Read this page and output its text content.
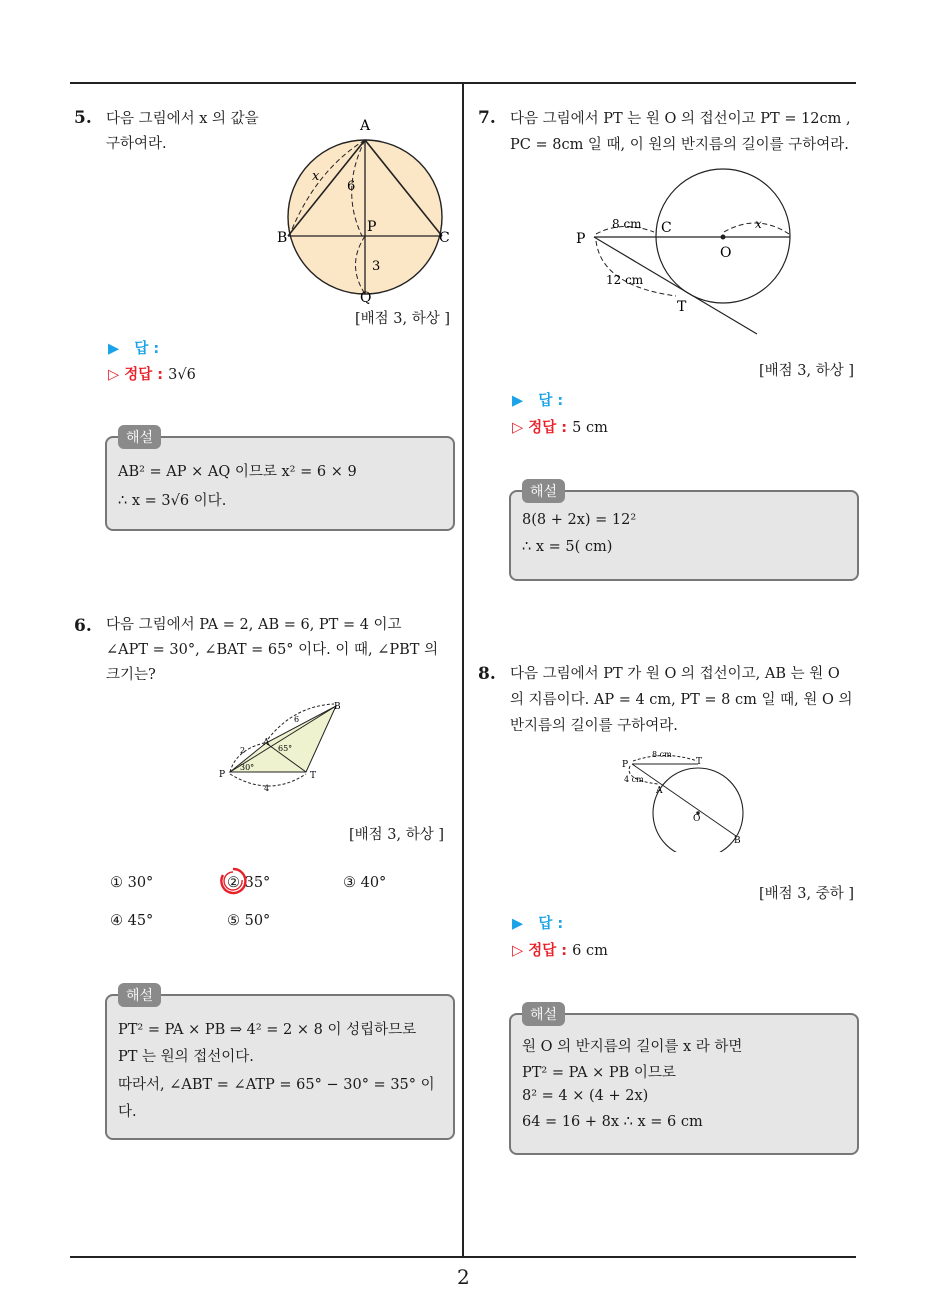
2
5. 다음 그림에서 x 의 값을
구하여라.
A
B	C
P
Q
x
6
3
[배점 3, 하상 ]
▶ 답 :
▷ 정답 : 3√6
해설
AB² = AP × AQ 이므로 x² = 6 × 9
∴ x = 3√6 이다.
6. 다음 그림에서 PA = 2, AB = 6, PT = 4 이고
∠APT = 30°, ∠BAT = 65° 이다. 이 때, ∠PBT 의
크기는?
B
A
P	T
6
2
4
30°
65°
[배점 3, 하상 ]
① 30°	② 35°	③ 40°
④ 45°	⑤ 50°
해설
PT² = PA × PB ⇒ 4² = 2 × 8 이 성립하므로
PT 는 원의 접선이다.
따라서, ∠ABT = ∠ATP = 65° − 30° = 35° 이
다.
7. 다음 그림에서 PT 는 원 O 의 접선이고 PT = 12cm ,
PC = 8cm 일 때, 이 원의 반지름의 길이를 구하여라.
P
C
O
T
x
8 cm
12 cm
[배점 3, 하상 ]
▶ 답 :
▷ 정답 : 5 cm
해설
8(8 + 2x) = 12²
∴ x = 5( cm)
8. 다음 그림에서 PT 가 원 O 의 접선이고, AB 는 원 O
의 지름이다. AP = 4 cm, PT = 8 cm 일 때, 원 O 의
반지름의 길이를 구하여라.
P	T
A
O
B
8 cm
4 cm
[배점 3, 중하 ]
▶ 답 :
▷ 정답 : 6 cm
해설
원 O 의 반지름의 길이를 x 라 하면
PT² = PA × PB 이므로
8² = 4 × (4 + 2x)
64 = 16 + 8x ∴ x = 6 cm
